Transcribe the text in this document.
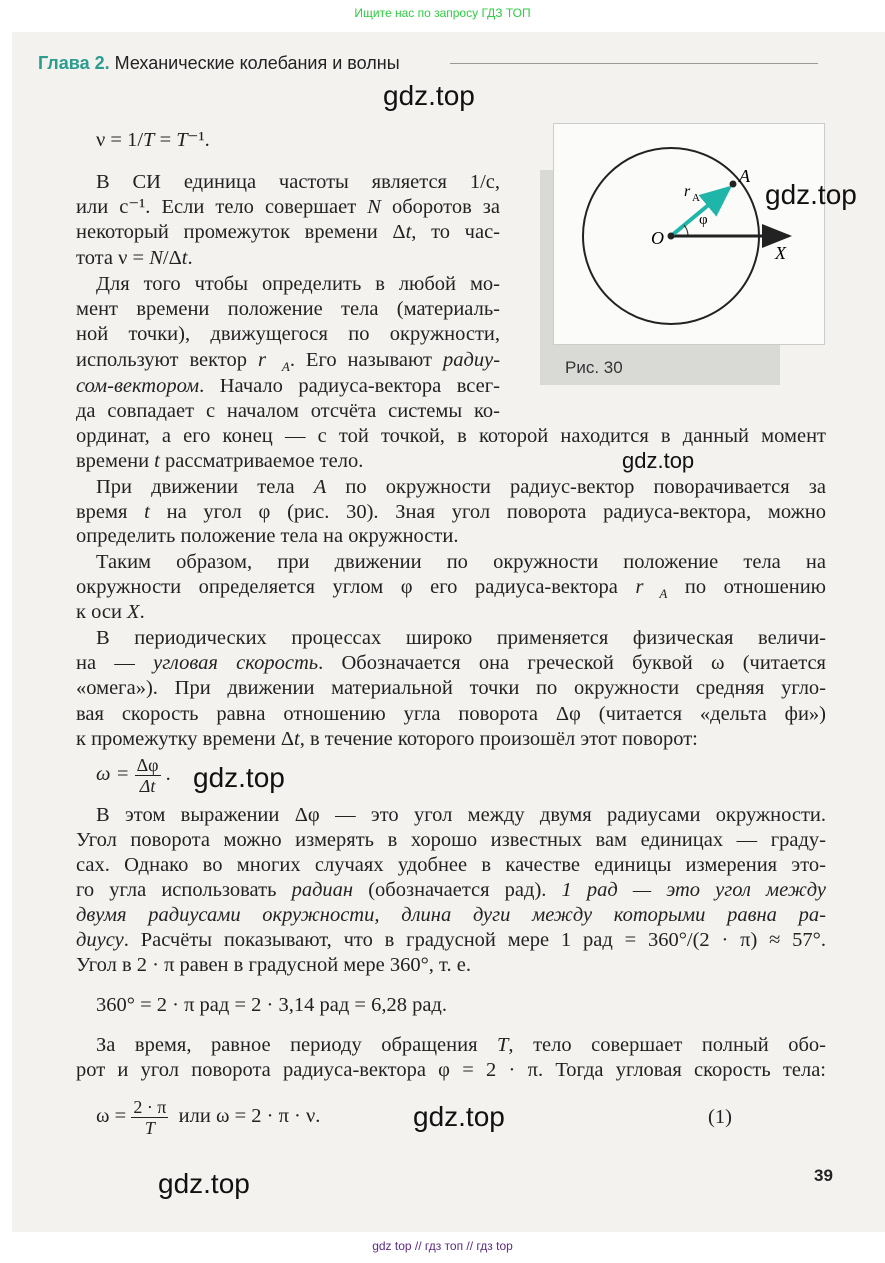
Ищите нас по запросу ГДЗ ТОП
Глава 2. Механические колебания и волны
A
O
X
r A
φ
Рис. 30
ν = 1/T = T⁻¹.
В СИ единица частоты является 1/с,
или с⁻¹. Если тело совершает N оборотов за
некоторый промежуток времени Δt, то час-
тота ν = N/Δt.
Для того чтобы определить в любой мо-
мент времени положение тела (материаль-
ной точки), движущегося по окружности,
используют вектор $r⃗_A$. Его называют радиу-
сом-вектором. Начало радиуса-вектора всег-
да совпадает с началом отсчёта системы ко-
ординат, а его конец — с той точкой, в которой находится в данный момент
времени t рассматриваемое тело.
При движении тела A по окружности радиус-вектор поворачивается за
время t на угол φ (рис. 30). Зная угол поворота радиуса-вектора, можно
определить положение тела на окружности.
Таким образом, при движении по окружности положение тела на
окружности определяется углом φ его радиуса-вектора $r⃗_A$ по отношению
к оси X.
В периодических процессах широко применяется физическая величи-
на — угловая скорость. Обозначается она греческой буквой ω (читается
«омега»). При движении материальной точки по окружности средняя угло-
вая скорость равна отношению угла поворота Δφ (читается «дельта фи»)
к промежутку времени Δt, в течение которого произошёл этот поворот:
В этом выражении Δφ — это угол между двумя радиусами окружности.
Угол поворота можно измерять в хорошо известных вам единицах — граду-
сах. Однако во многих случаях удобнее в качестве единицы измерения это-
го угла использовать радиан (обозначается рад). 1 рад — это угол между
двумя радиусами окружности, длина дуги между которыми равна ра-
диусу. Расчёты показывают, что в градусной мере 1 рад = 360°/(2 · π) ≈ 57°.
Угол в 2 · π равен в градусной мере 360°, т. е.
360° = 2 · π рад = 2 · 3,14 рад = 6,28 рад.
За время, равное периоду обращения T, тело совершает полный обо-
рот и угол поворота радиуса-вектора φ = 2 · π. Тогда угловая скорость тела:
$\omega = \frac{\Delta\varphi}{\Delta t}$ .
$\omega = \frac{2 \cdot \pi}{T}$ или ω = 2 · π · ν.	(1)
gdz.top
gdz.top
gdz.top
gdz.top
gdz.top
gdz.top	39
gdz top // гдз топ // гдз top
